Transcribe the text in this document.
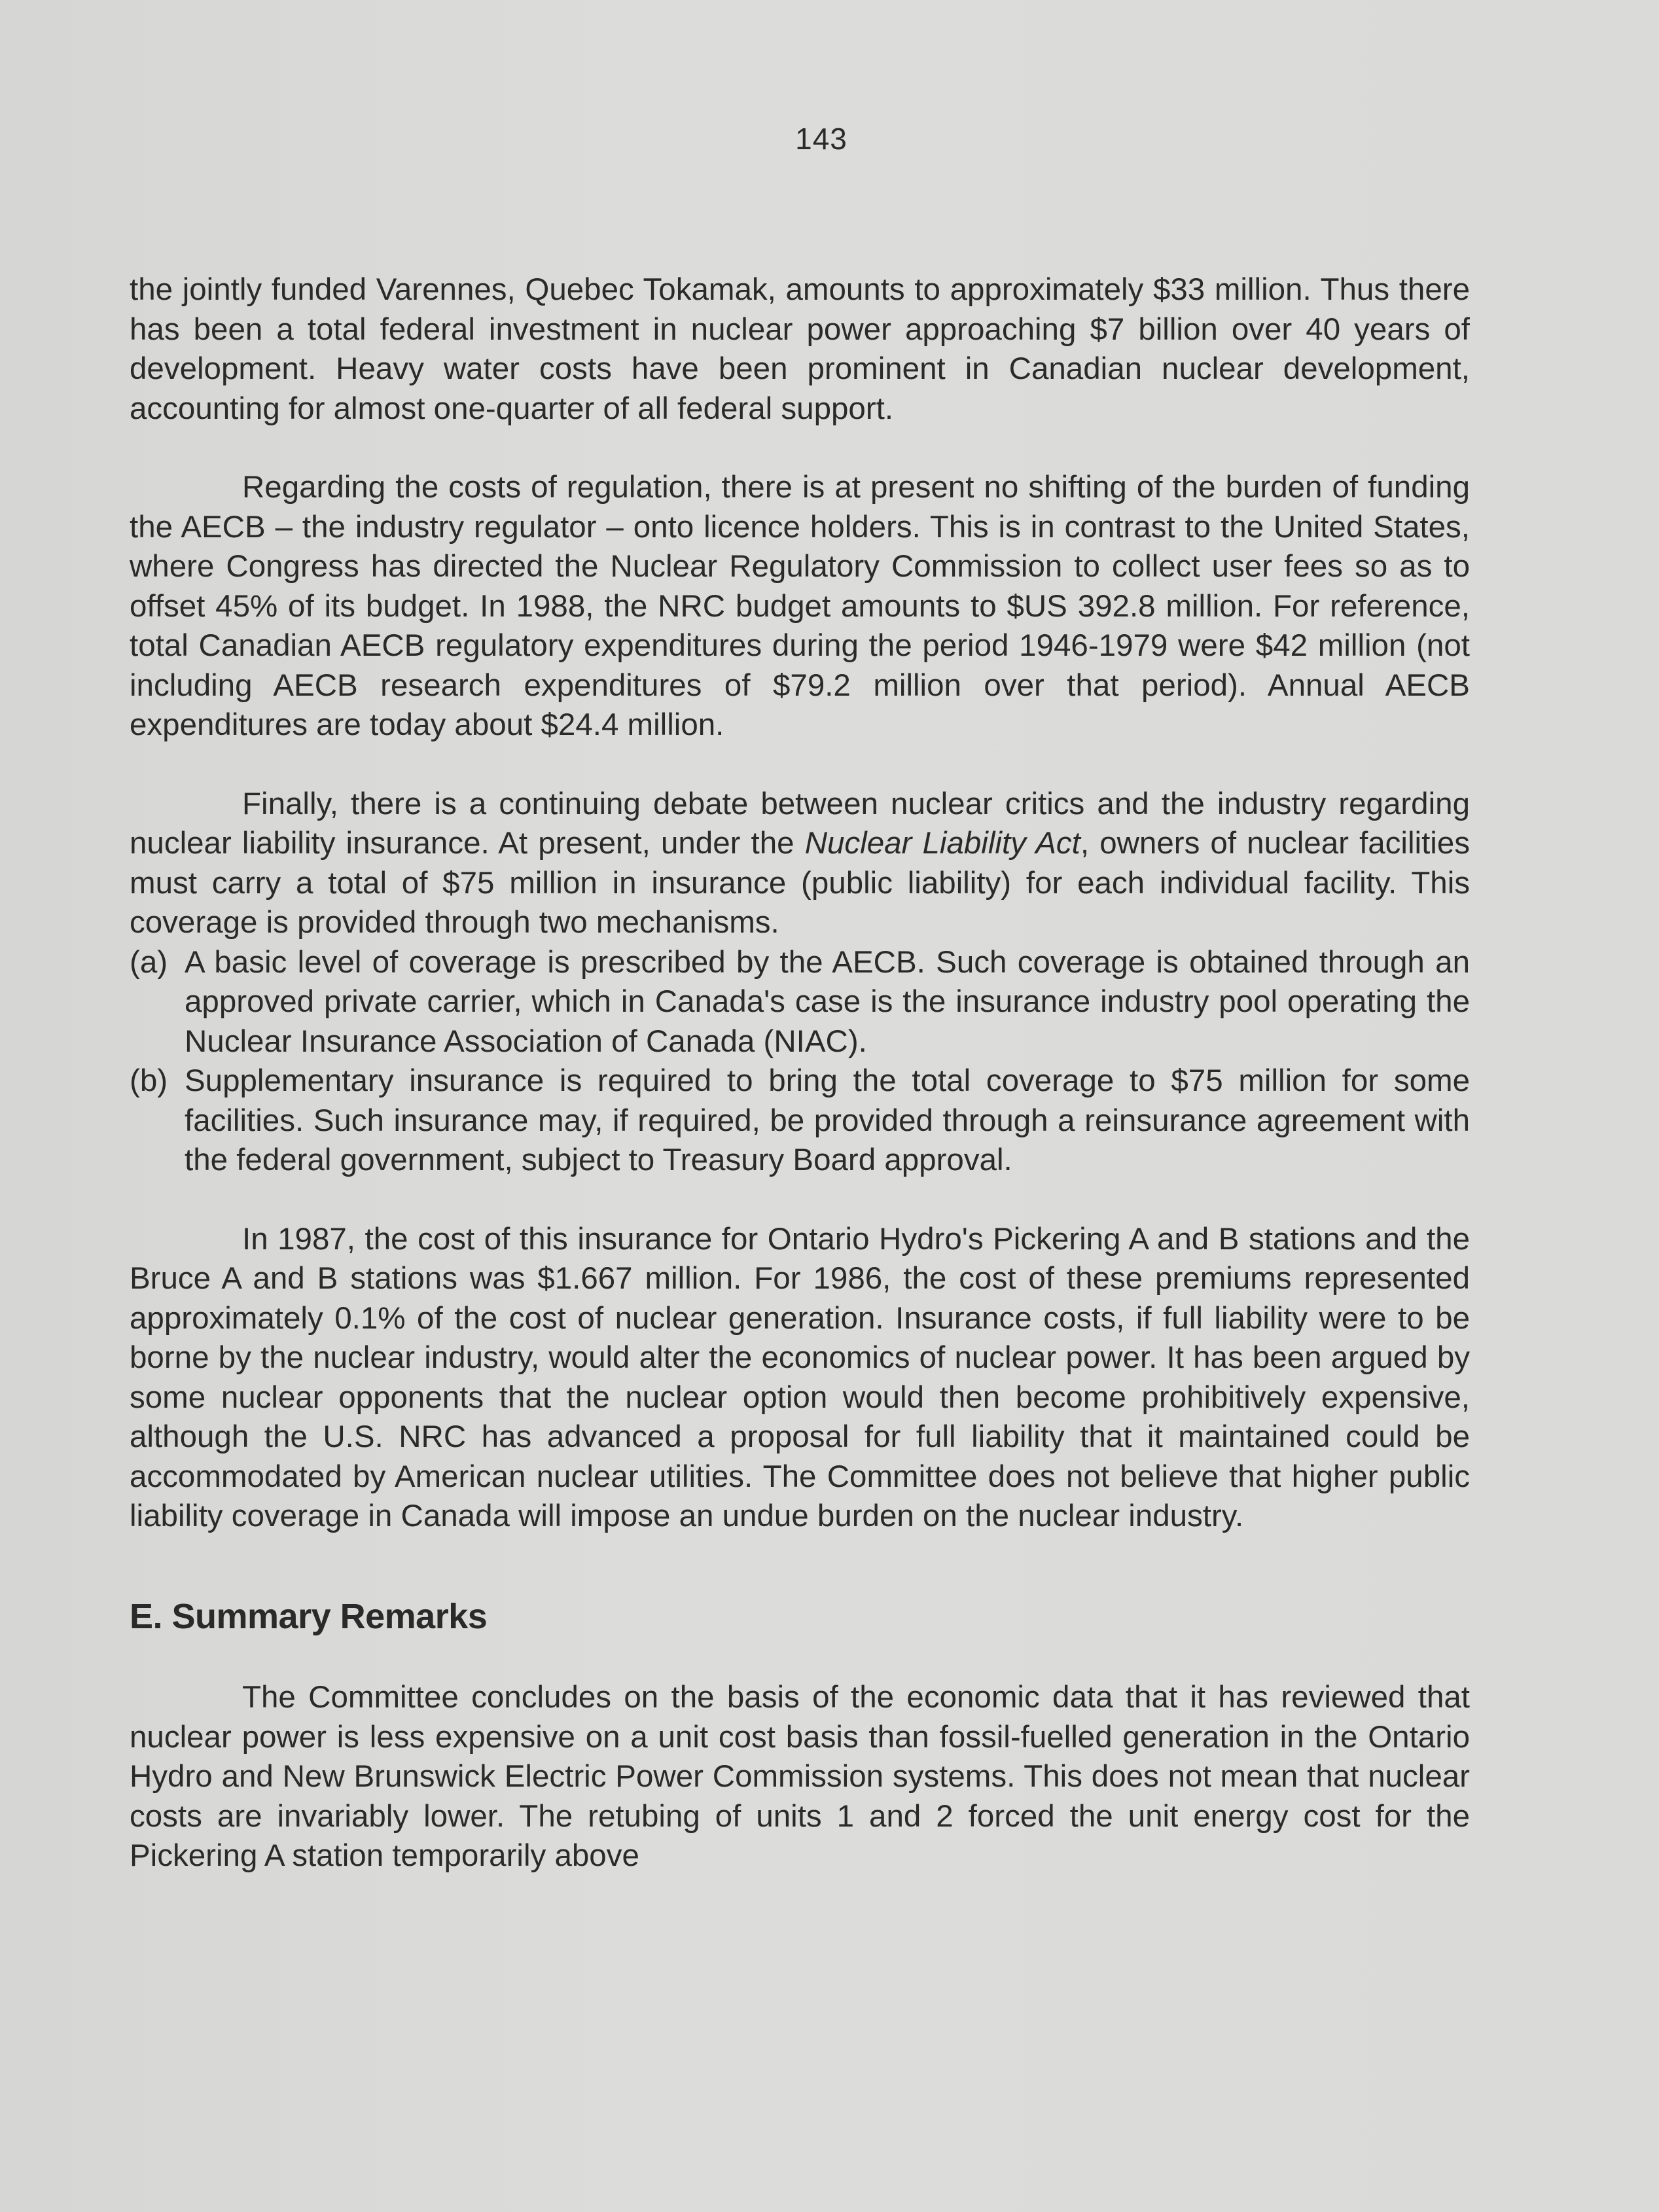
143

the jointly funded Varennes, Quebec Tokamak, amounts to approximately $33 million. Thus there has been a total federal investment in nuclear power approaching $7 billion over 40 years of development. Heavy water costs have been prominent in Canadian nuclear development, accounting for almost one-quarter of all federal support.

Regarding the costs of regulation, there is at present no shifting of the burden of funding the AECB – the industry regulator – onto licence holders. This is in contrast to the United States, where Congress has directed the Nuclear Regulatory Commission to collect user fees so as to offset 45% of its budget. In 1988, the NRC budget amounts to $US 392.8 million. For reference, total Canadian AECB regulatory expenditures during the period 1946-1979 were $42 million (not including AECB research expenditures of $79.2 million over that period). Annual AECB expenditures are today about $24.4 million.

Finally, there is a continuing debate between nuclear critics and the industry regarding nuclear liability insurance. At present, under the Nuclear Liability Act, owners of nuclear facilities must carry a total of $75 million in insurance (public liability) for each individual facility. This coverage is provided through two mechanisms.

(a) A basic level of coverage is prescribed by the AECB. Such coverage is obtained through an approved private carrier, which in Canada's case is the insurance industry pool operating the Nuclear Insurance Association of Canada (NIAC).
(b) Supplementary insurance is required to bring the total coverage to $75 million for some facilities. Such insurance may, if required, be provided through a reinsurance agreement with the federal government, subject to Treasury Board approval.

In 1987, the cost of this insurance for Ontario Hydro's Pickering A and B stations and the Bruce A and B stations was $1.667 million. For 1986, the cost of these premiums represented approximately 0.1% of the cost of nuclear generation. Insurance costs, if full liability were to be borne by the nuclear industry, would alter the economics of nuclear power. It has been argued by some nuclear opponents that the nuclear option would then become prohibitively expensive, although the U.S. NRC has advanced a proposal for full liability that it maintained could be accommodated by American nuclear utilities. The Committee does not believe that higher public liability coverage in Canada will impose an undue burden on the nuclear industry.

E. Summary Remarks

The Committee concludes on the basis of the economic data that it has reviewed that nuclear power is less expensive on a unit cost basis than fossil-fuelled generation in the Ontario Hydro and New Brunswick Electric Power Commission systems. This does not mean that nuclear costs are invariably lower. The retubing of units 1 and 2 forced the unit energy cost for the Pickering A station temporarily above
